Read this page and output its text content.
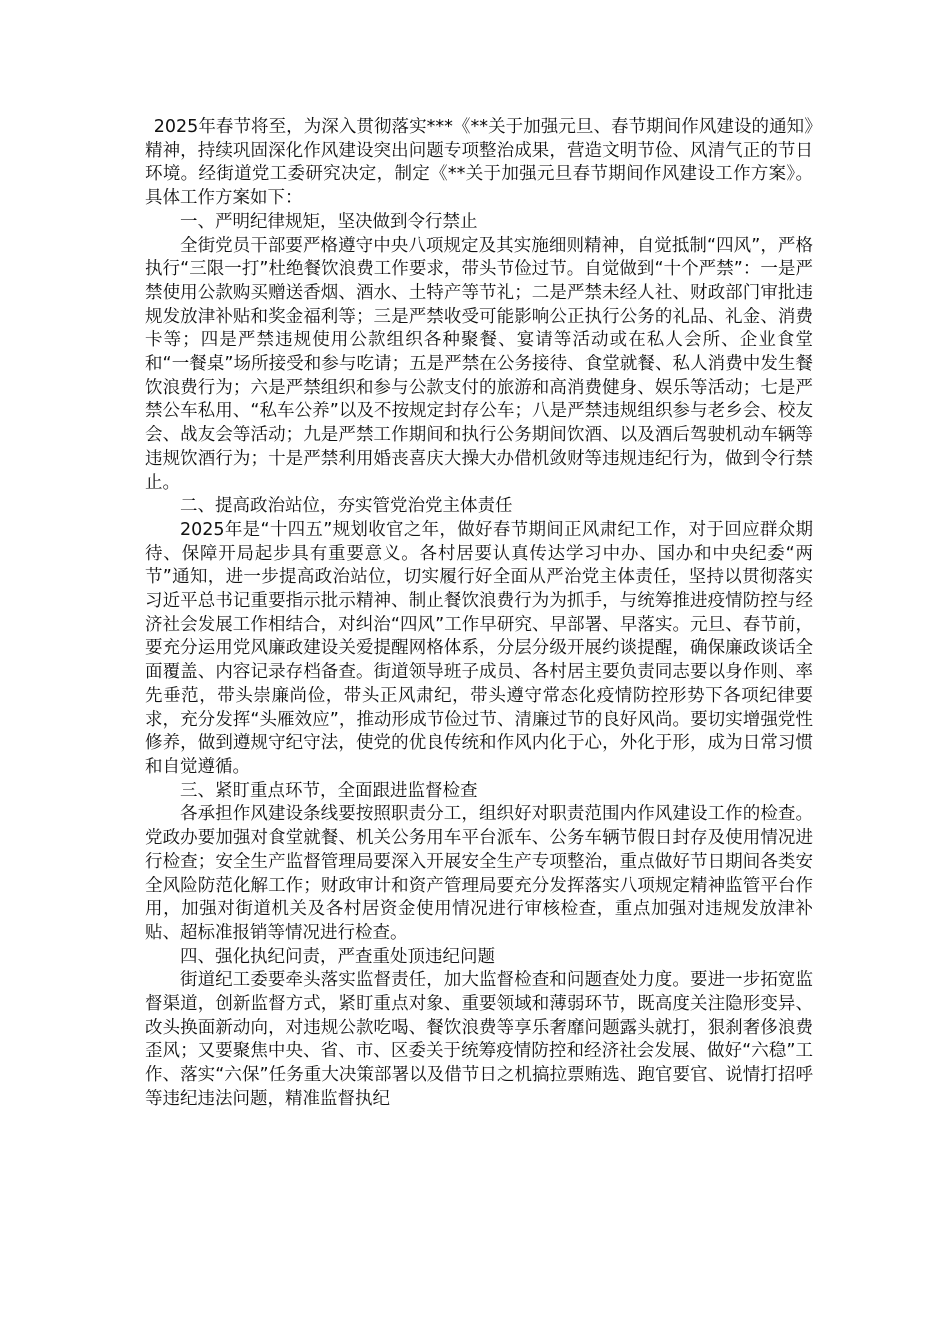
2025年春节将至，为深入贯彻落实***《**关于加强元旦、春节期间作风建设的通知》精神，持续巩固深化作风建设突出问题专项整治成果，营造文明节俭、风清气正的节日环境。经街道党工委研究决定，制定《**关于加强元旦春节期间作风建设工作方案》。具体工作方案如下：

一、严明纪律规矩，坚决做到令行禁止

全街党员干部要严格遵守中央八项规定及其实施细则精神，自觉抵制“四风”，严格执行“三限一打”杜绝餐饮浪费工作要求，带头节俭过节。自觉做到“十个严禁”：一是严禁使用公款购买赠送香烟、酒水、土特产等节礼；二是严禁未经人社、财政部门审批违规发放津补贴和奖金福利等；三是严禁收受可能影响公正执行公务的礼品、礼金、消费卡等；四是严禁违规使用公款组织各种聚餐、宴请等活动或在私人会所、企业食堂和“一餐桌”场所接受和参与吃请；五是严禁在公务接待、食堂就餐、私人消费中发生餐饮浪费行为；六是严禁组织和参与公款支付的旅游和高消费健身、娱乐等活动；七是严禁公车私用、“私车公养”以及不按规定封存公车；八是严禁违规组织参与老乡会、校友会、战友会等活动；九是严禁工作期间和执行公务期间饮酒、以及酒后驾驶机动车辆等违规饮酒行为；十是严禁利用婚丧喜庆大操大办借机敛财等违规违纪行为，做到令行禁止。

二、提高政治站位，夯实管党治党主体责任

2025年是“十四五”规划收官之年，做好春节期间正风肃纪工作，对于回应群众期待、保障开局起步具有重要意义。各村居要认真传达学习中办、国办和中央纪委“两节”通知，进一步提高政治站位，切实履行好全面从严治党主体责任，坚持以贯彻落实习近平总书记重要指示批示精神、制止餐饮浪费行为为抓手，与统筹推进疫情防控与经济社会发展工作相结合，对纠治“四风”工作早研究、早部署、早落实。元旦、春节前，要充分运用党风廉政建设关爱提醒网格体系，分层分级开展约谈提醒，确保廉政谈话全面覆盖、内容记录存档备查。街道领导班子成员、各村居主要负责同志要以身作则、率先垂范，带头崇廉尚俭，带头正风肃纪，带头遵守常态化疫情防控形势下各项纪律要求，充分发挥“头雁效应”，推动形成节俭过节、清廉过节的良好风尚。要切实增强党性修养，做到遵规守纪守法，使党的优良传统和作风内化于心，外化于形，成为日常习惯和自觉遵循。

三、紧盯重点环节，全面跟进监督检查

各承担作风建设条线要按照职责分工，组织好对职责范围内作风建设工作的检查。党政办要加强对食堂就餐、机关公务用车平台派车、公务车辆节假日封存及使用情况进行检查；安全生产监督管理局要深入开展安全生产专项整治，重点做好节日期间各类安全风险防范化解工作；财政审计和资产管理局要充分发挥落实八项规定精神监管平台作用，加强对街道机关及各村居资金使用情况进行审核检查，重点加强对违规发放津补贴、超标准报销等情况进行检查。

四、强化执纪问责，严查重处顶违纪问题

街道纪工委要牵头落实监督责任，加大监督检查和问题查处力度。要进一步拓宽监督渠道，创新监督方式，紧盯重点对象、重要领域和薄弱环节，既高度关注隐形变异、改头换面新动向，对违规公款吃喝、餐饮浪费等享乐奢靡问题露头就打，狠刹奢侈浪费歪风；又要聚焦中央、省、市、区委关于统筹疫情防控和经济社会发展、做好“六稳”工作、落实“六保”任务重大决策部署以及借节日之机搞拉票贿选、跑官要官、说情打招呼等违纪违法问题，精准监督执纪
